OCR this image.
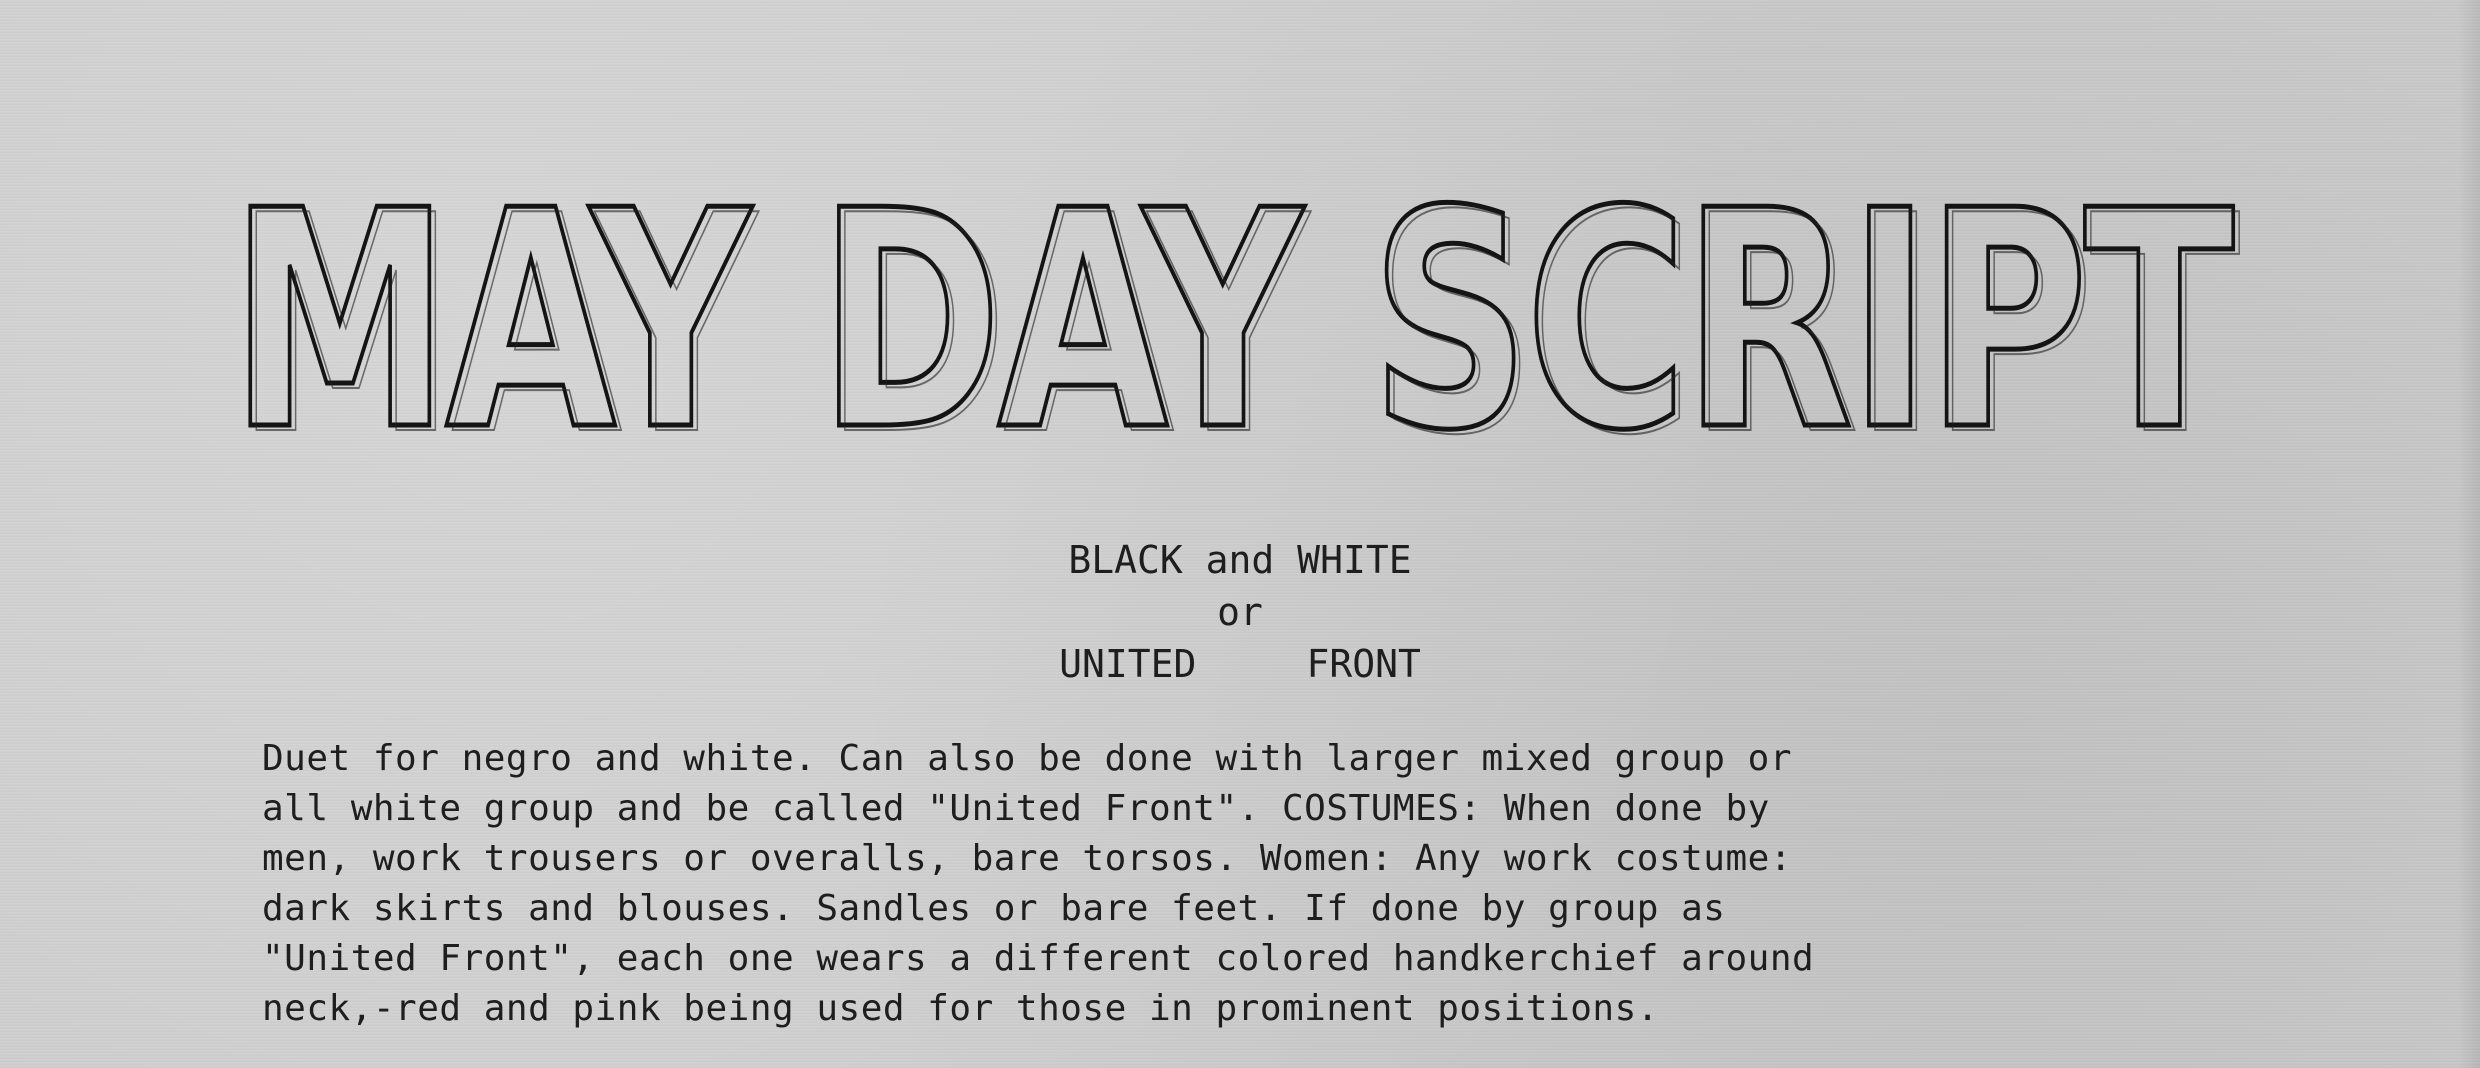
MAY DAY SCRIPT
MAY DAY SCRIPT
BLACK and WHITE
or
UNITED	FRONT
Duet for negro and white. Can also be done with larger mixed group or
all white group and be called "United Front". COSTUMES: When done by
men, work trousers or overalls, bare torsos. Women: Any work costume:
dark skirts and blouses. Sandles or bare feet. If done by group as
"United Front", each one wears a different colored handkerchief around
neck,-red and pink being used for those in prominent positions.
